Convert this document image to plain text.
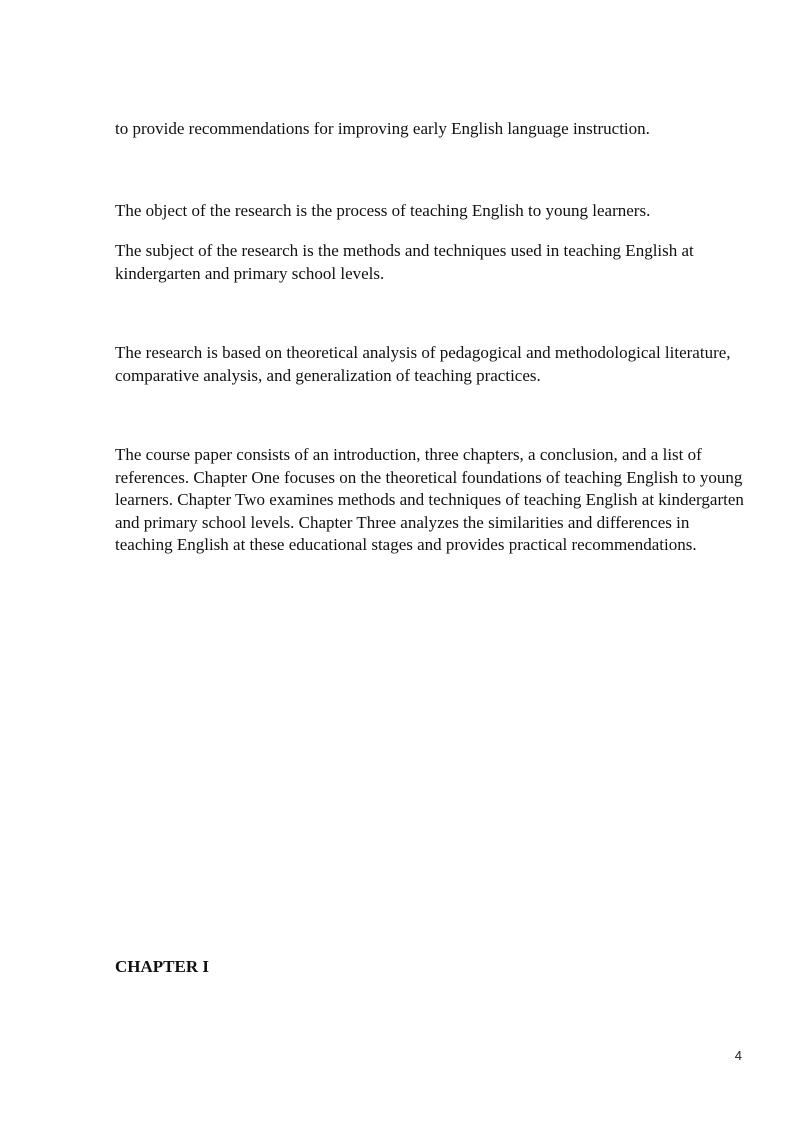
to provide recommendations for improving early English language instruction.

The object of the research is the process of teaching English to young learners.

The subject of the research is the methods and techniques used in teaching English at kindergarten and primary school levels.

The research is based on theoretical analysis of pedagogical and methodological literature, comparative analysis, and generalization of teaching practices.

The course paper consists of an introduction, three chapters, a conclusion, and a list of references. Chapter One focuses on the theoretical foundations of teaching English to young learners. Chapter Two examines methods and techniques of teaching English at kindergarten and primary school levels. Chapter Three analyzes the similarities and differences in teaching English at these educational stages and provides practical recommendations.

CHAPTER I
4
